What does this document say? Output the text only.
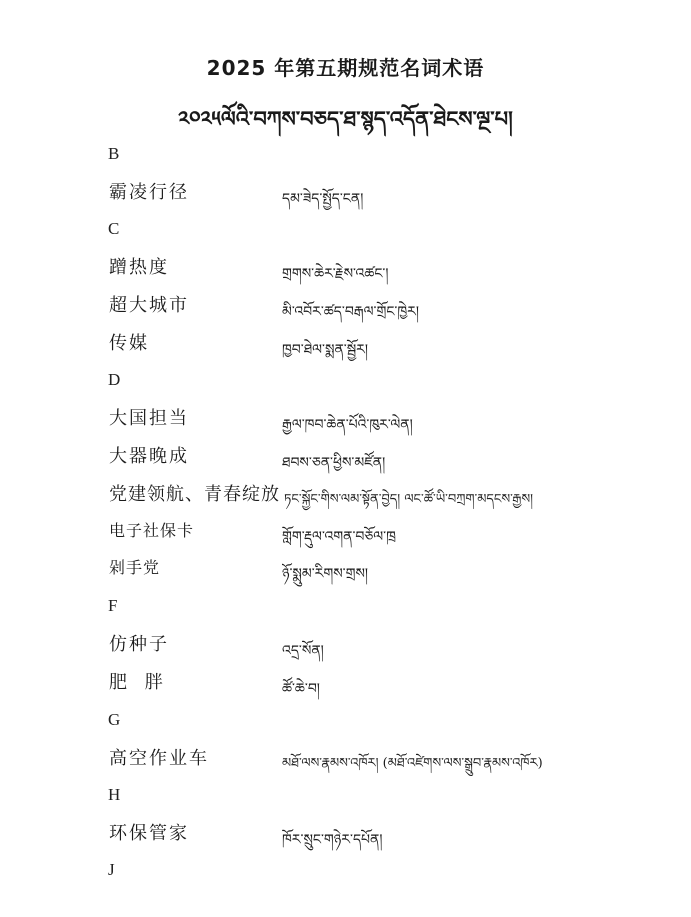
2025 年第五期规范名词术语
༢༠༢༥ལོའི་བཀས་བཅད་ཐ་སྙད་འདོན་ཐེངས་ལྔ་པ།
B
霸凌行径	དམ་ཟེད་སྤྱོད་ངན།
C
蹭热度	གྲགས་ཆེར་རྗེས་འཚང་།
超大城市	མི་འབོར་ཚད་བརྒལ་གྲོང་ཁྱེར།
传媒	ཁྱབ་ཐེལ་སྨན་སྦྱོར།
D
大国担当	རྒྱལ་ཁབ་ཆེན་པོའི་ཁུར་ལེན།
大器晚成	ཐབས་ཅན་ཕྱིས་མཛོན།
党建领航、青春绽放 ཏང་སྐྱོང་གིས་ལམ་སྟོན་བྱེད། ལང་ཚོ་ཡི་བཀྲག་མདངས་རྒྱས།
电子社保卡	གློག་རྡུལ་འགན་བཅོལ་ཁྲ
剁手党	ཉོ་སྨུམ་རིགས་གྲས།
F
仿种子	འདྲ་སོན།
肥 胖	ཚོ་ཆེ་བ།
G
高空作业车	མཐོ་ལས་རྣམས་འཁོར། (མཐོ་འཛེགས་ལས་སྒྲུབ་རྣམས་འཁོར)
H
环保管家	ཁོར་སྲུང་གཉེར་དཔོན།
J
